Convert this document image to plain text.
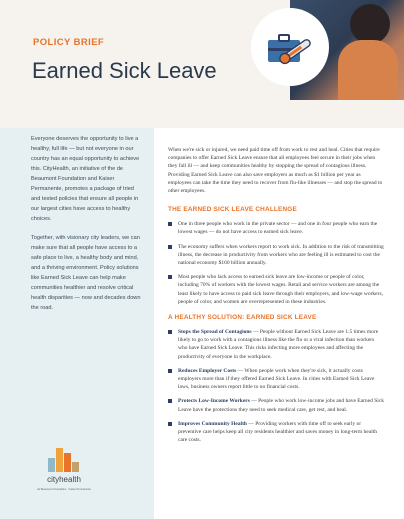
POLICY BRIEF
Earned Sick Leave

Everyone deserves the opportunity to live a healthy, full life — but not everyone in our country has an equal opportunity to achieve this. CityHealth, an initiative of the de Beaumont Foundation and Kaiser Permanente, promotes a package of tried and tested policies that ensure all people in our largest cities have access to healthy choices.

Together, with visionary city leaders, we can make sure that all people have access to a safe place to live, a healthy body and mind, and a thriving environment. Policy solutions like Earned Sick Leave can help make communities healthier and resolve critical health disparities — now and decades down the road.

cityhealth
de Beaumont Foundation · Kaiser Permanente

When we're sick or injured, we need paid time off from work to rest and heal. Cities that require companies to offer Earned Sick Leave ensure that all employees feel secure in their jobs when they fall ill — and keep communities healthy by stopping the spread of contagious illness. Providing Earned Sick Leave can also save employers as much as $1 billion per year as employees can take the time they need to recover from flu-like illnesses — and stop the spread to other employees.

THE EARNED SICK LEAVE CHALLENGE
One in three people who work in the private sector — and one in four people who earn the lowest wages — do not have access to earned sick leave.
The economy suffers when workers report to work sick. In addition to the risk of transmitting illness, the decrease in productivity from workers who are feeling ill is estimated to cost the national economy $160 billion annually.
Most people who lack access to earned sick leave are low-income or people of color, including 70% of workers with the lowest wages. Retail and service workers are among the least likely to have access to paid sick leave through their employers, and low-wage workers, people of color, and women are overrepresented in these industries.
A HEALTHY SOLUTION: EARNED SICK LEAVE
Stops the Spread of Contagions — People without Earned Sick Leave are 1.5 times more likely to go to work with a contagious illness like the flu or a viral infection than workers who have Earned Sick Leave. This risks infecting more employees and affecting the productivity of everyone in the workplace.
Reduces Employer Costs — When people work when they're sick, it actually costs employers more than if they offered Earned Sick Leave. In cities with Earned Sick Leave laws, business owners report little to no financial costs.
Protects Low-Income Workers — People who work low-income jobs and have Earned Sick Leave have the protections they need to seek medical care, get rest, and heal.
Improves Community Health — Providing workers with time off to seek early or preventive care helps keep all city residents healthier and saves money in long-term health care costs.
